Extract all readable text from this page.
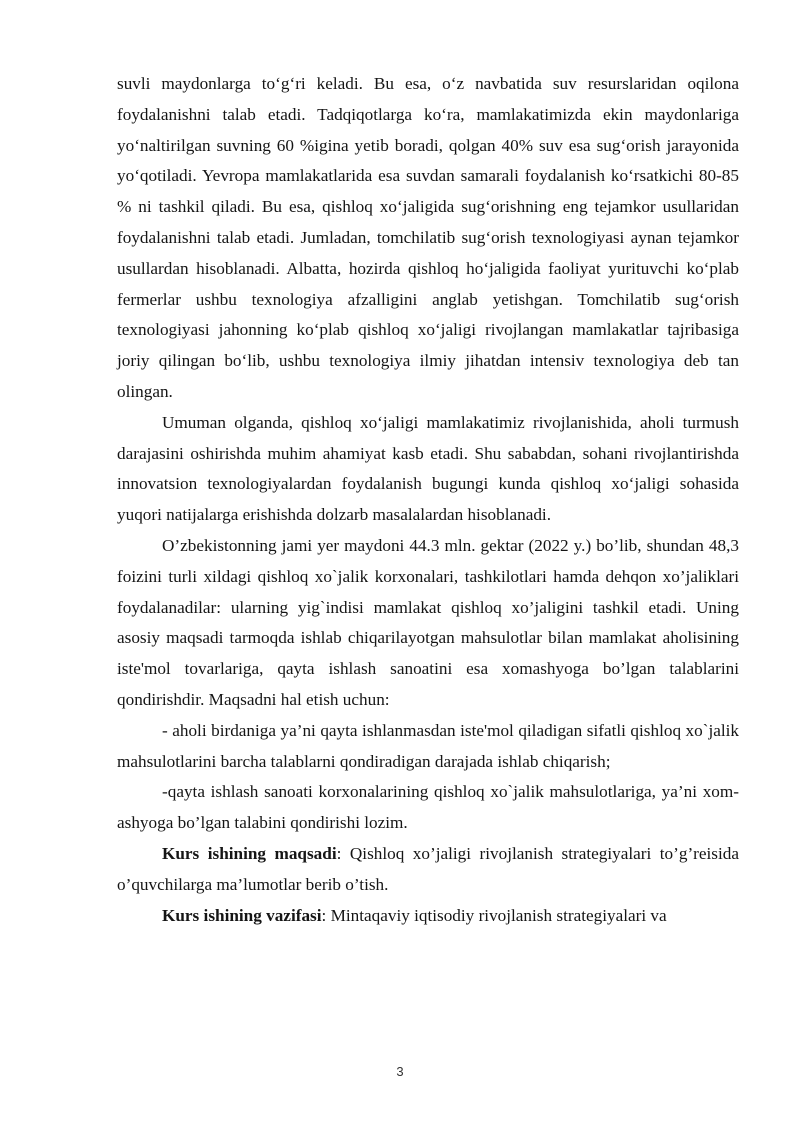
suvli maydonlarga to‘g‘ri keladi. Bu esa, o‘z navbatida suv resurslaridan oqilona foydalanishni talab etadi. Tadqiqotlarga ko‘ra, mamlakatimizda ekin maydonlariga yo‘naltirilgan suvning 60 %igina yetib boradi, qolgan 40% suv esa sug‘orish jarayonida yo‘qotiladi. Yevropa mamlakatlarida esa suvdan samarali foydalanish ko‘rsatkichi 80-85 % ni tashkil qiladi. Bu esa, qishloq xo‘jaligida sug‘orishning eng tejamkor usullaridan foydalanishni talab etadi. Jumladan, tomchilatib sug‘orish texnologiyasi aynan tejamkor usullardan hisoblanadi. Albatta, hozirda qishloq ho‘jaligida faoliyat yurituvchi ko‘plab fermerlar ushbu texnologiya afzalligini anglab yetishgan. Tomchilatib sug‘orish texnologiyasi jahonning ko‘plab qishloq xo‘jaligi rivojlangan mamlakatlar tajribasiga joriy qilingan bo‘lib, ushbu texnologiya ilmiy jihatdan intensiv texnologiya deb tan olingan.

Umuman olganda, qishloq xo‘jaligi mamlakatimiz rivojlanishida, aholi turmush darajasini oshirishda muhim ahamiyat kasb etadi. Shu sababdan, sohani rivojlantirishda innovatsion texnologiyalardan foydalanish bugungi kunda qishloq xo‘jaligi sohasida yuqori natijalarga erishishda dolzarb masalalardan hisoblanadi.

O’zbekistonning jami yer maydoni 44.3 mln. gektar (2022 y.) bo’lib, shundan 48,3 foizini turli xildagi qishloq xo`jalik korxonalari, tashkilotlari hamda dehqon xo’jaliklari foydalanadilar: ularning yig`indisi mamlakat qishloq xo’jaligini tashkil etadi. Uning asosiy maqsadi tarmoqda ishlab chiqarilayotgan mahsulotlar bilan mamlakat aholisining iste'mol tovarlariga, qayta ishlash sanoatini esa xomashyoga bo’lgan talablarini qondirishdir. Maqsadni hal etish uchun:

- aholi birdaniga ya’ni qayta ishlanmasdan iste'mol qiladigan sifatli qishloq xo`jalik mahsulotlarini barcha talablarni qondiradigan darajada ishlab chiqarish;

-qayta ishlash sanoati korxonalarining qishloq xo`jalik mahsulotlariga, ya’ni xom-ashyoga bo’lgan talabini qondirishi lozim.

Kurs ishining maqsadi: Qishloq xo’jaligi rivojlanish strategiyalari to’g’reisida o’quvchilarga ma’lumotlar berib o’tish.

Kurs ishining vazifasi: Mintaqaviy iqtisodiy rivojlanish strategiyalari va

3
